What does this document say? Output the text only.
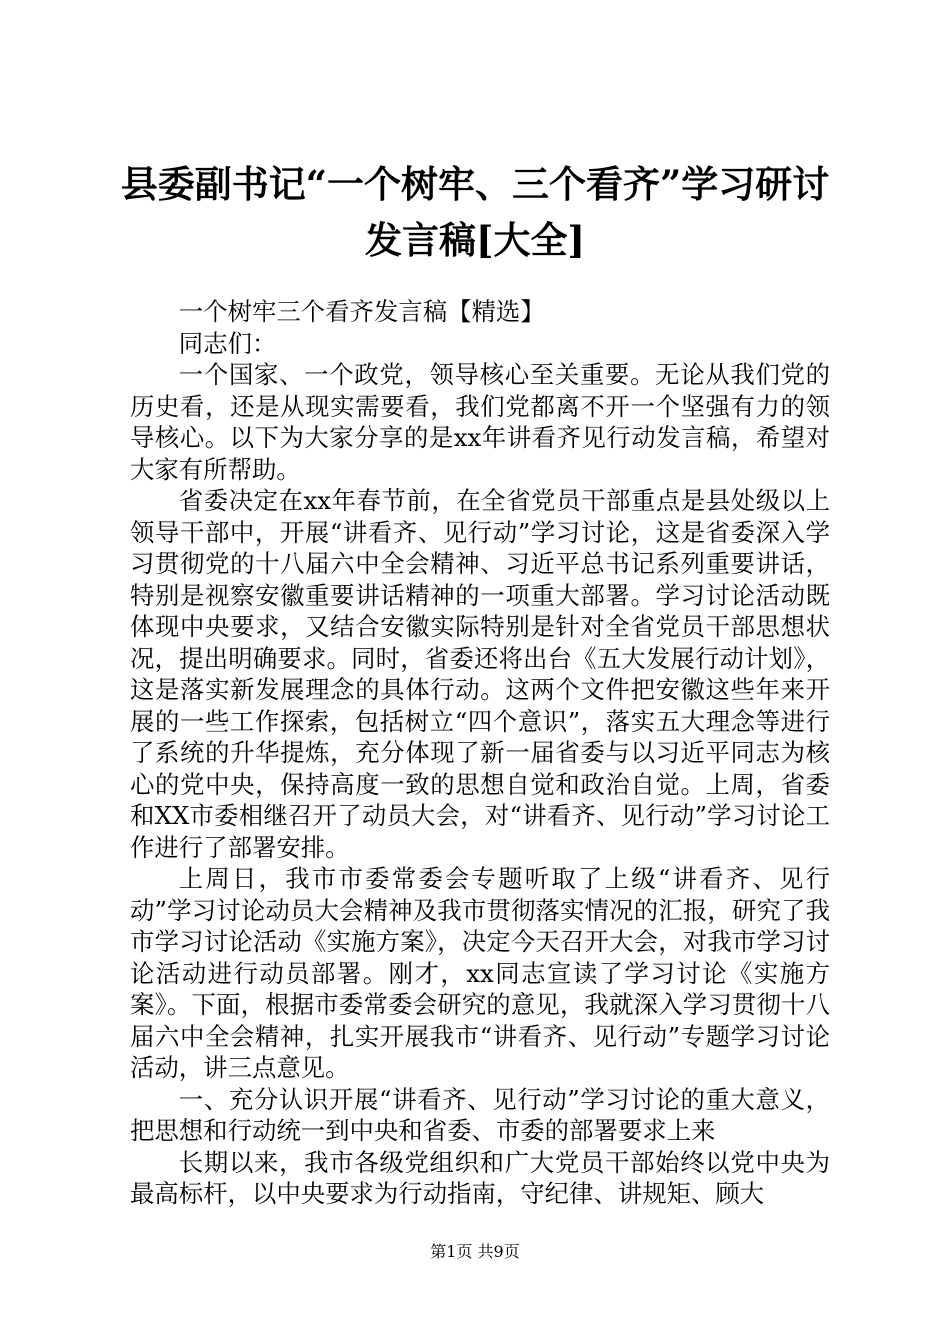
县委副书记“一个树牢、三个看齐”学习研讨
发言稿[大全]

一个树牢三个看齐发言稿【精选】

同志们：

一个国家、一个政党，领导核心至关重要。无论从我们党的历史看，还是从现实需要看，我们党都离不开一个坚强有力的领导核心。以下为大家分享的是xx年讲看齐见行动发言稿，希望对大家有所帮助。

省委决定在xx年春节前，在全省党员干部重点是县处级以上领导干部中，开展“讲看齐、见行动”学习讨论，这是省委深入学习贯彻党的十八届六中全会精神、习近平总书记系列重要讲话，特别是视察安徽重要讲话精神的一项重大部署。学习讨论活动既体现中央要求，又结合安徽实际特别是针对全省党员干部思想状况，提出明确要求。同时，省委还将出台《五大发展行动计划》，这是落实新发展理念的具体行动。这两个文件把安徽这些年来开展的一些工作探索，包括树立“四个意识”，落实五大理念等进行了系统的升华提炼，充分体现了新一届省委与以习近平同志为核心的党中央，保持高度一致的思想自觉和政治自觉。上周，省委和XX市委相继召开了动员大会，对“讲看齐、见行动”学习讨论工作进行了部署安排。

上周日，我市市委常委会专题听取了上级“讲看齐、见行动”学习讨论动员大会精神及我市贯彻落实情况的汇报，研究了我市学习讨论活动《实施方案》，决定今天召开大会，对我市学习讨论活动进行动员部署。刚才，xx同志宣读了学习讨论《实施方案》。下面，根据市委常委会研究的意见，我就深入学习贯彻十八届六中全会精神，扎实开展我市“讲看齐、见行动”专题学习讨论活动，讲三点意见。

一、充分认识开展“讲看齐、见行动”学习讨论的重大意义，把思想和行动统一到中央和省委、市委的部署要求上来

长期以来，我市各级党组织和广大党员干部始终以党中央为最高标杆，以中央要求为行动指南，守纪律、讲规矩、顾大

第1页 共9页
